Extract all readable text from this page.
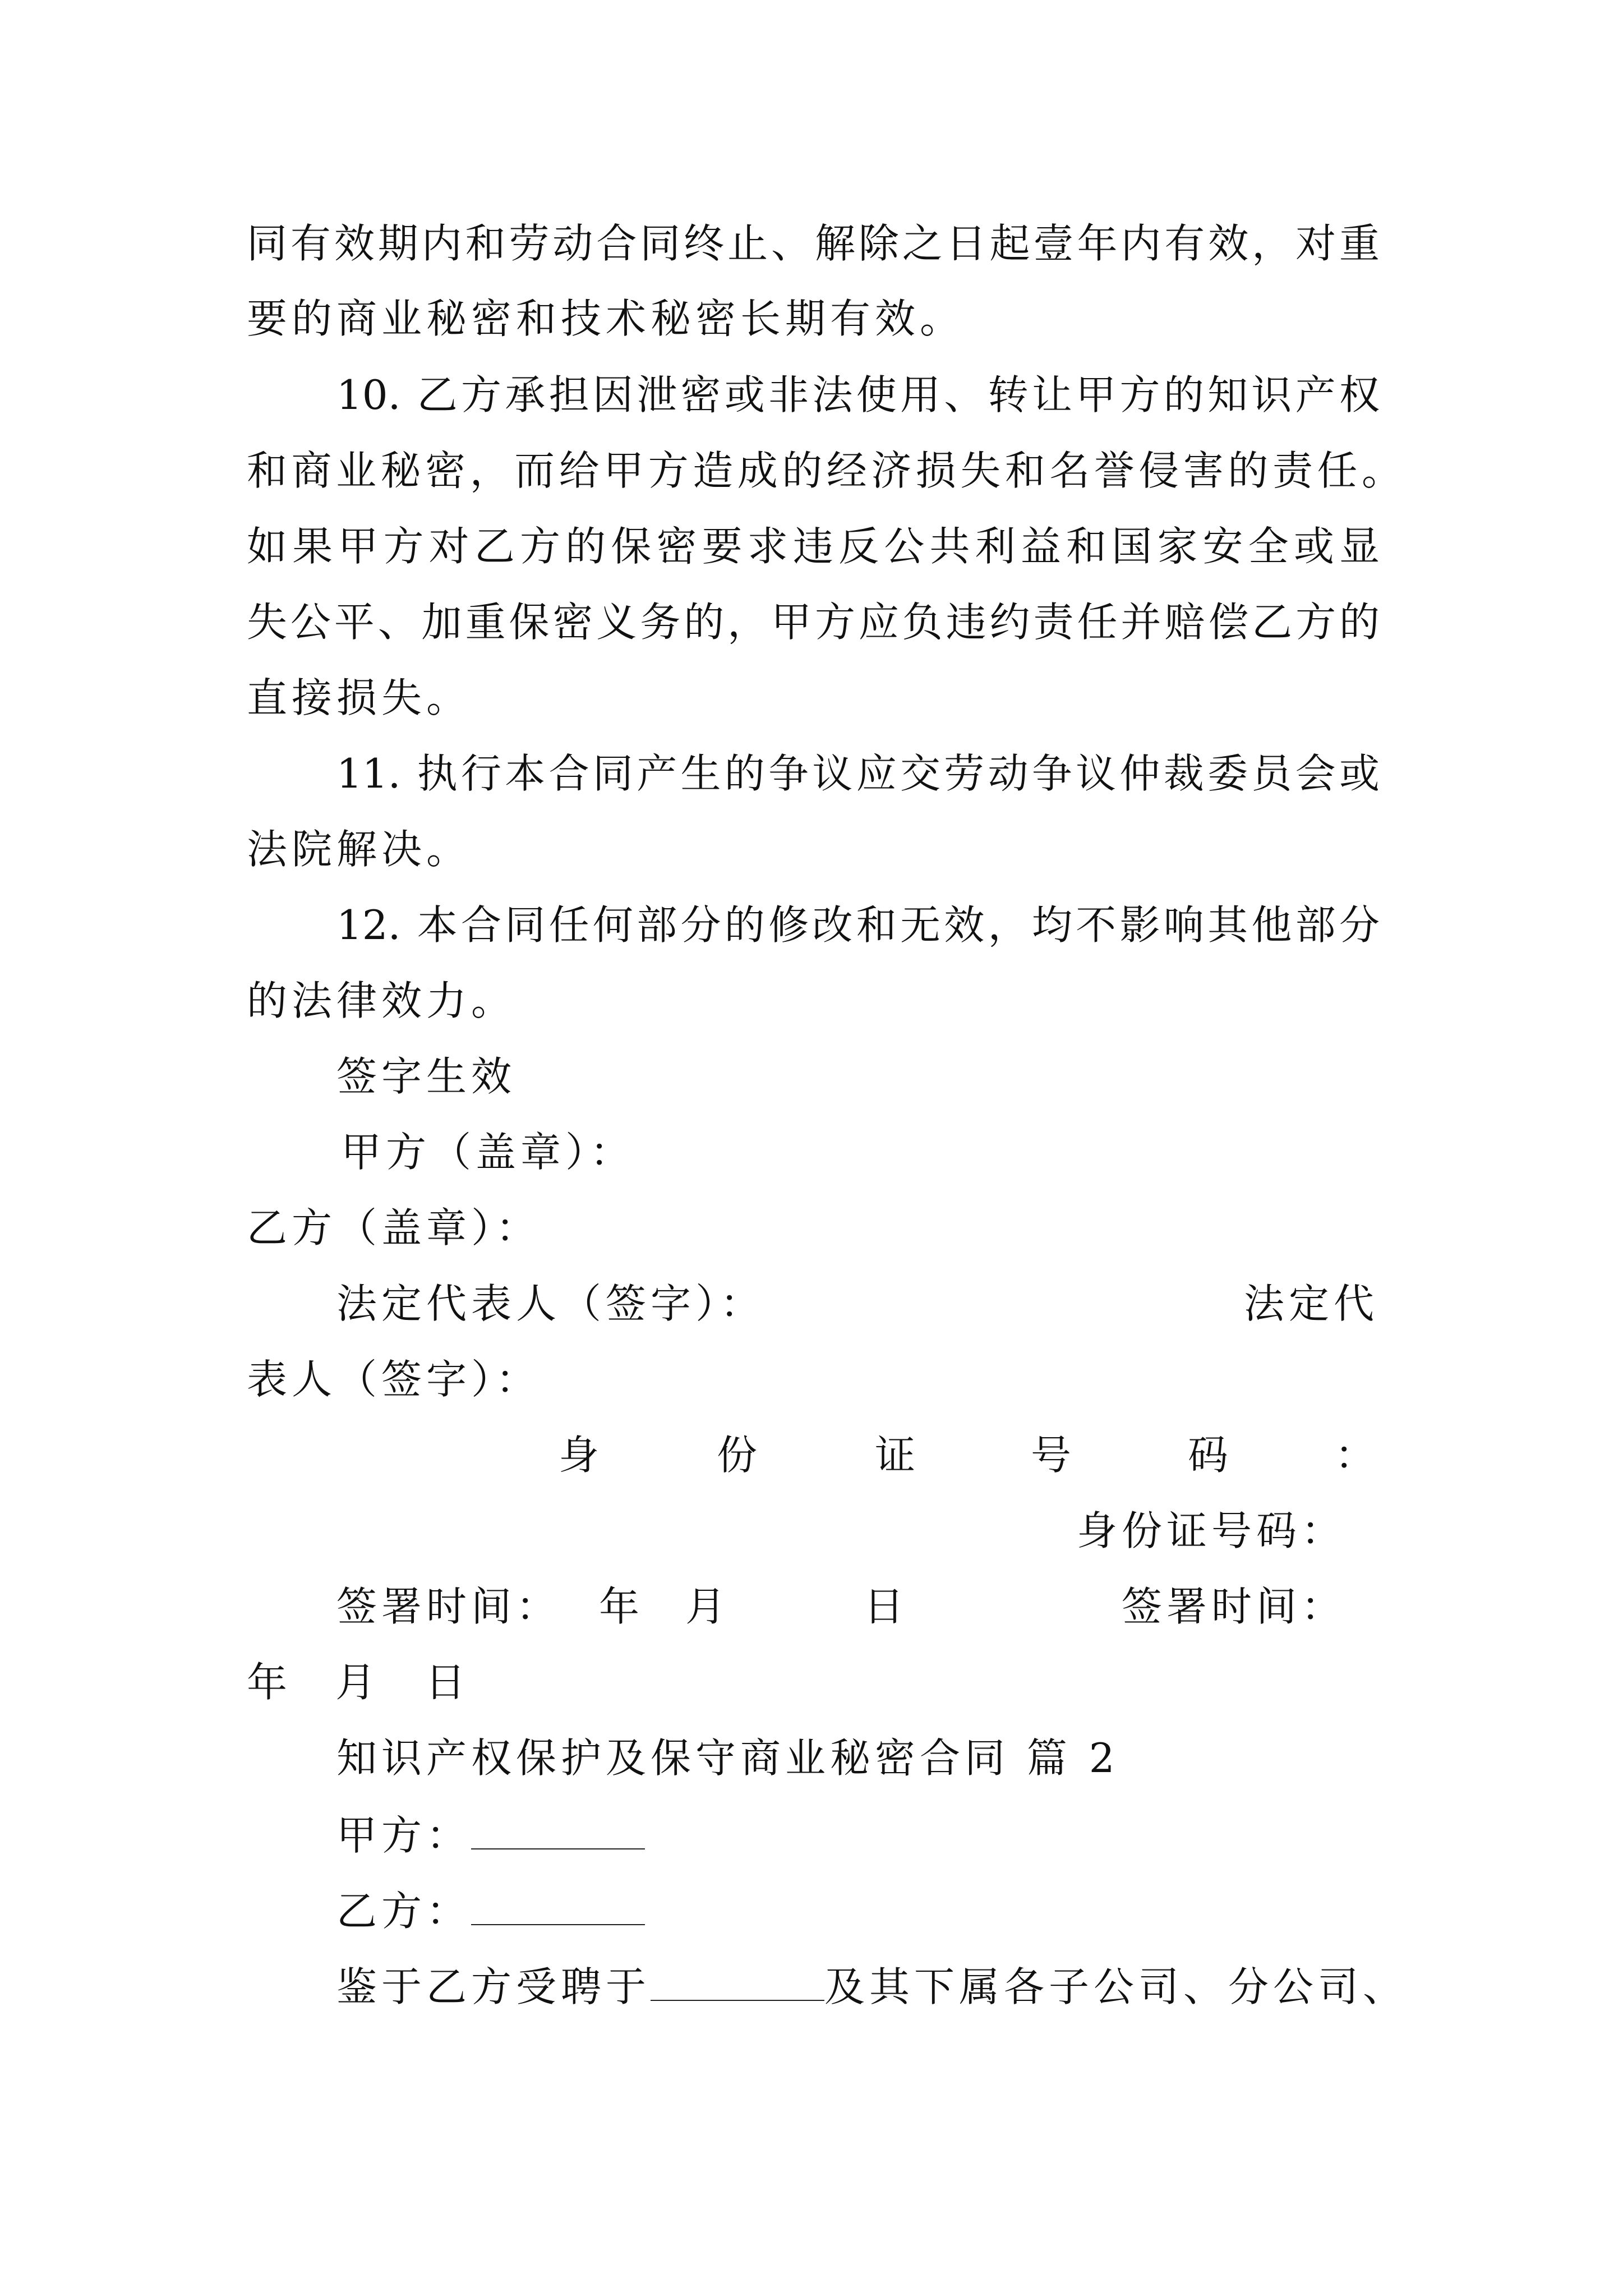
同有效期内和劳动合同终止、解除之日起壹年内有效，对重
要的商业秘密和技术秘密长期有效。
10. 乙方承担因泄密或非法使用、转让甲方的知识产权
和商业秘密，而给甲方造成的经济损失和名誉侵害的责任。
如果甲方对乙方的保密要求违反公共利益和国家安全或显
失公平、加重保密义务的，甲方应负违约责任并赔偿乙方的
直接损失。
11. 执行本合同产生的争议应交劳动争议仲裁委员会或
法院解决。
12. 本合同任何部分的修改和无效，均不影响其他部分
的法律效力。
签字生效
甲方（盖章）：
乙方（盖章）：
法定代表人（签字）：	法定代
表人（签字）：
身	份	证	号	码	：
身份证号码：
签署时间： 年 月	日	签署时间：
年 月 日
知识产权保护及保守商业秘密合同 篇 2
甲方：
乙方：
鉴于乙方受聘于	及其下属各子公司、分公司、
